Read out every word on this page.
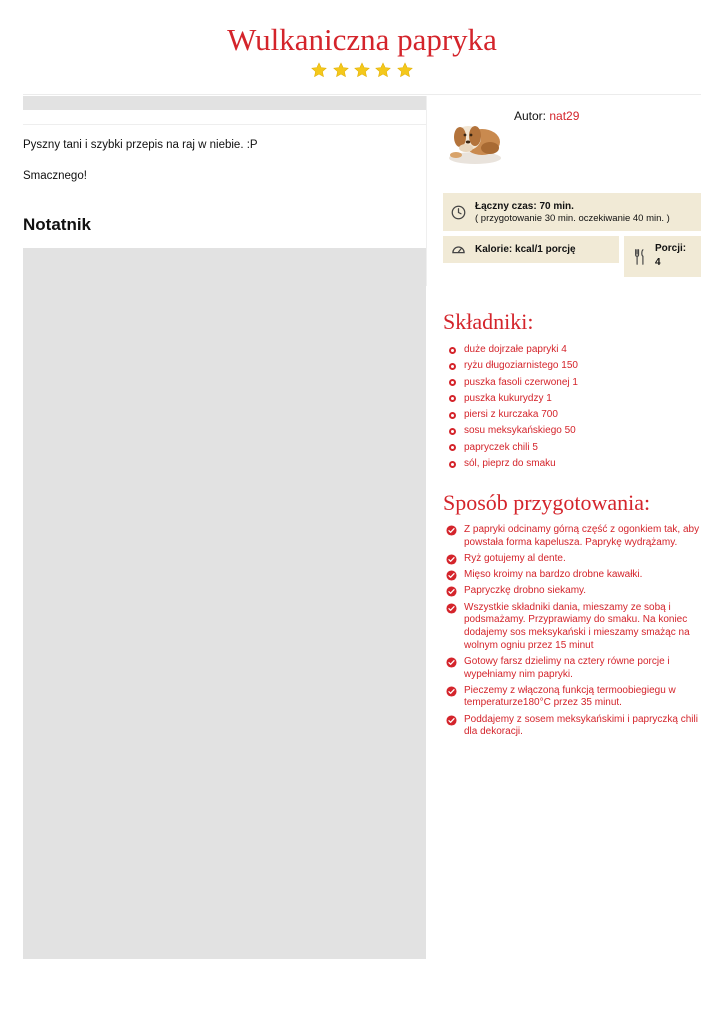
Wulkaniczna papryka

Pyszny tani i szybki przepis na raj w niebie. :P

Smacznego!

Notatnik
Autor: nat29
Łączny czas: 70 min.
( przygotowanie 30 min. oczekiwanie 40 min. )
Kalorie: kcal/1 porcję	Porcji:
4
Składniki:
duże dojrzałe papryki 4
ryżu długoziarnistego 150
puszka fasoli czerwonej 1
puszka kukurydzy 1
piersi z kurczaka 700
sosu meksykańskiego 50
papryczek chili 5
sól, pieprz do smaku
Sposób przygotowania:
Z papryki odcinamy górną część z ogonkiem tak, aby powstała forma kapelusza. Paprykę wydrążamy.
Ryż gotujemy al dente.
Mięso kroimy na bardzo drobne kawałki.
Papryczkę drobno siekamy.
Wszystkie składniki dania, mieszamy ze sobą i podsmażamy. Przyprawiamy do smaku. Na koniec dodajemy sos meksykański i mieszamy smażąc na wolnym ogniu przez 15 minut
Gotowy farsz dzielimy na cztery równe porcje i wypełniamy nim papryki.
Pieczemy z włączoną funkcją termoobiegiegu w temperaturze180°C przez 35 minut.
Poddajemy z sosem meksykańskimi i papryczką chili dla dekoracji.
